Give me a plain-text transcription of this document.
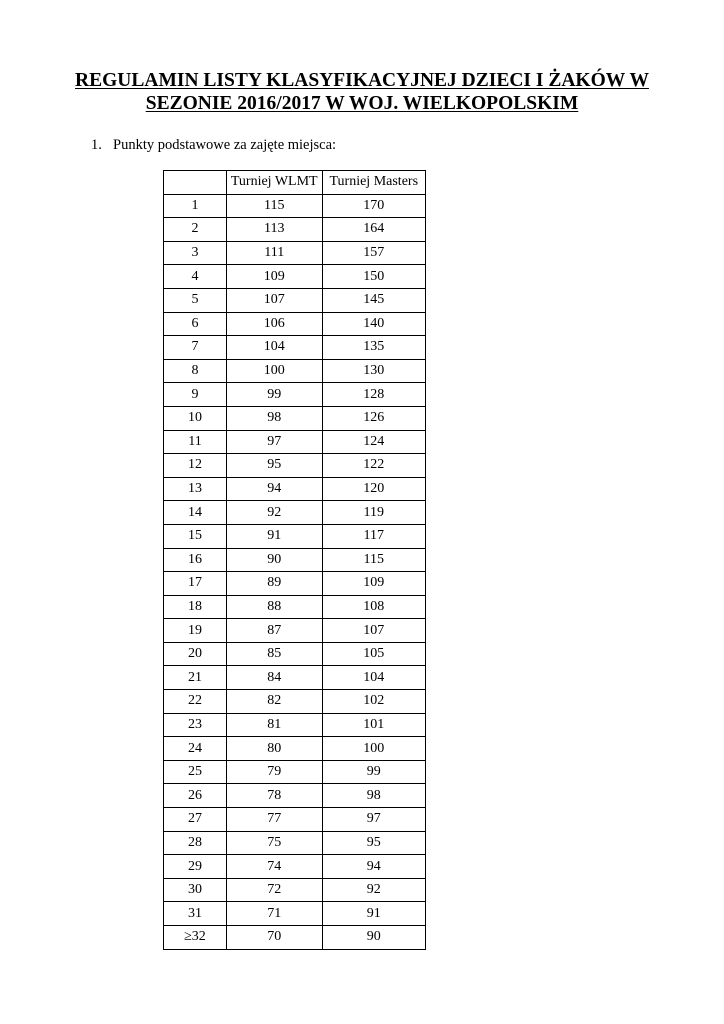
REGULAMIN LISTY KLASYFIKACYJNEJ DZIECI I ŻAKÓW W
SEZONIE 2016/2017 W WOJ. WIELKOPOLSKIM
1. Punkty podstawowe za zajęte miejsca:
	Turniej WLMT	Turniej Masters
1	115	170
2	113	164
3	111	157
4	109	150
5	107	145
6	106	140
7	104	135
8	100	130
9	99	128
10	98	126
11	97	124
12	95	122
13	94	120
14	92	119
15	91	117
16	90	115
17	89	109
18	88	108
19	87	107
20	85	105
21	84	104
22	82	102
23	81	101
24	80	100
25	79	99
26	78	98
27	77	97
28	75	95
29	74	94
30	72	92
31	71	91
≥32	70	90
